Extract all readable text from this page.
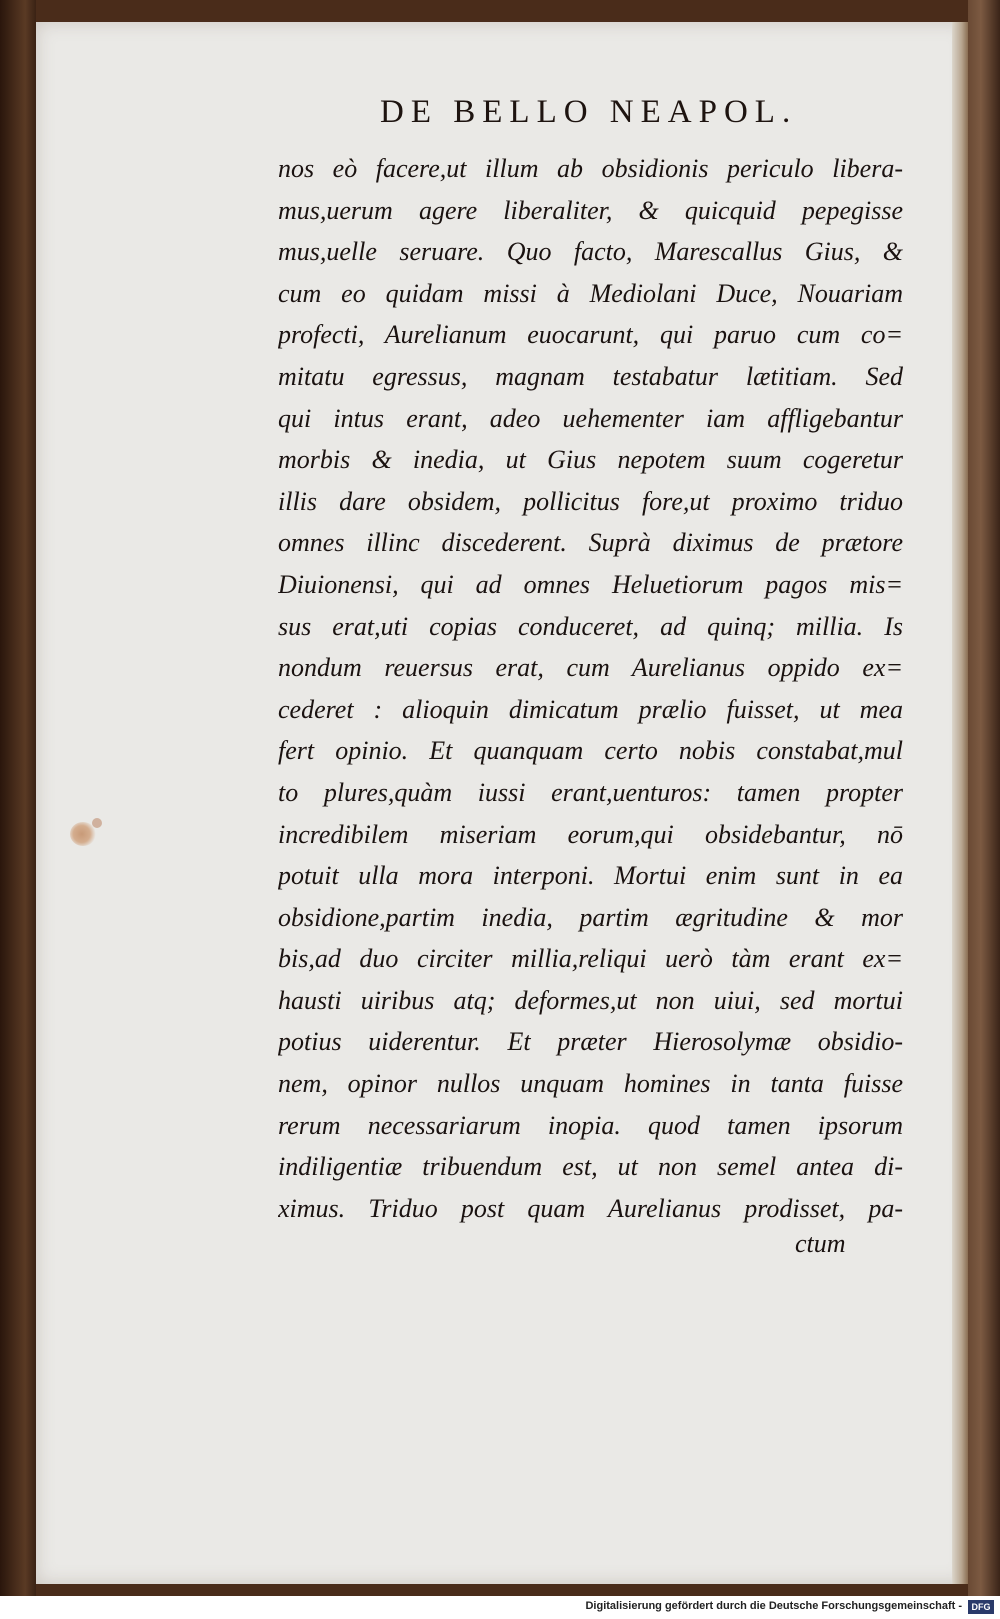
DE BELLO NEAPOL.
nos eò facere,ut illum ab obsidionis periculo libera-
mus,uerum agere liberaliter, & quicquid pepegisse
mus,uelle seruare. Quo facto, Marescallus Gius, &
cum eo quidam missi à Mediolani Duce, Nouariam
profecti, Aurelianum euocarunt, qui paruo cum co=
mitatu egressus, magnam testabatur lætitiam. Sed
qui intus erant, adeo uehementer iam affligebantur
morbis & inedia, ut Gius nepotem suum cogeretur
illis dare obsidem, pollicitus fore,ut proximo triduo
omnes illinc discederent. Suprà diximus de prætore
Diuionensi, qui ad omnes Heluetiorum pagos mis=
sus erat,uti copias conduceret, ad quinq; millia. Is
nondum reuersus erat, cum Aurelianus oppido ex=
cederet : alioquin dimicatum prælio fuisset, ut mea
fert opinio. Et quanquam certo nobis constabat,mul
to plures,quàm iussi erant,uenturos: tamen propter
incredibilem miseriam eorum,qui obsidebantur, nō
potuit ulla mora interponi. Mortui enim sunt in ea
obsidione,partim inedia, partim ægritudine & mor
bis,ad duo circiter millia,reliqui uerò tàm erant ex=
hausti uiribus atq; deformes,ut non uiui, sed mortui
potius uiderentur. Et præter Hierosolymæ obsidio-
nem, opinor nullos unquam homines in tanta fuisse
rerum necessariarum inopia. quod tamen ipsorum
indiligentiæ tribuendum est, ut non semel antea di-
ximus. Triduo post quam Aurelianus prodisset, pa-
ctum
Digitalisierung gefördert durch die Deutsche Forschungsgemeinschaft -	DFG
